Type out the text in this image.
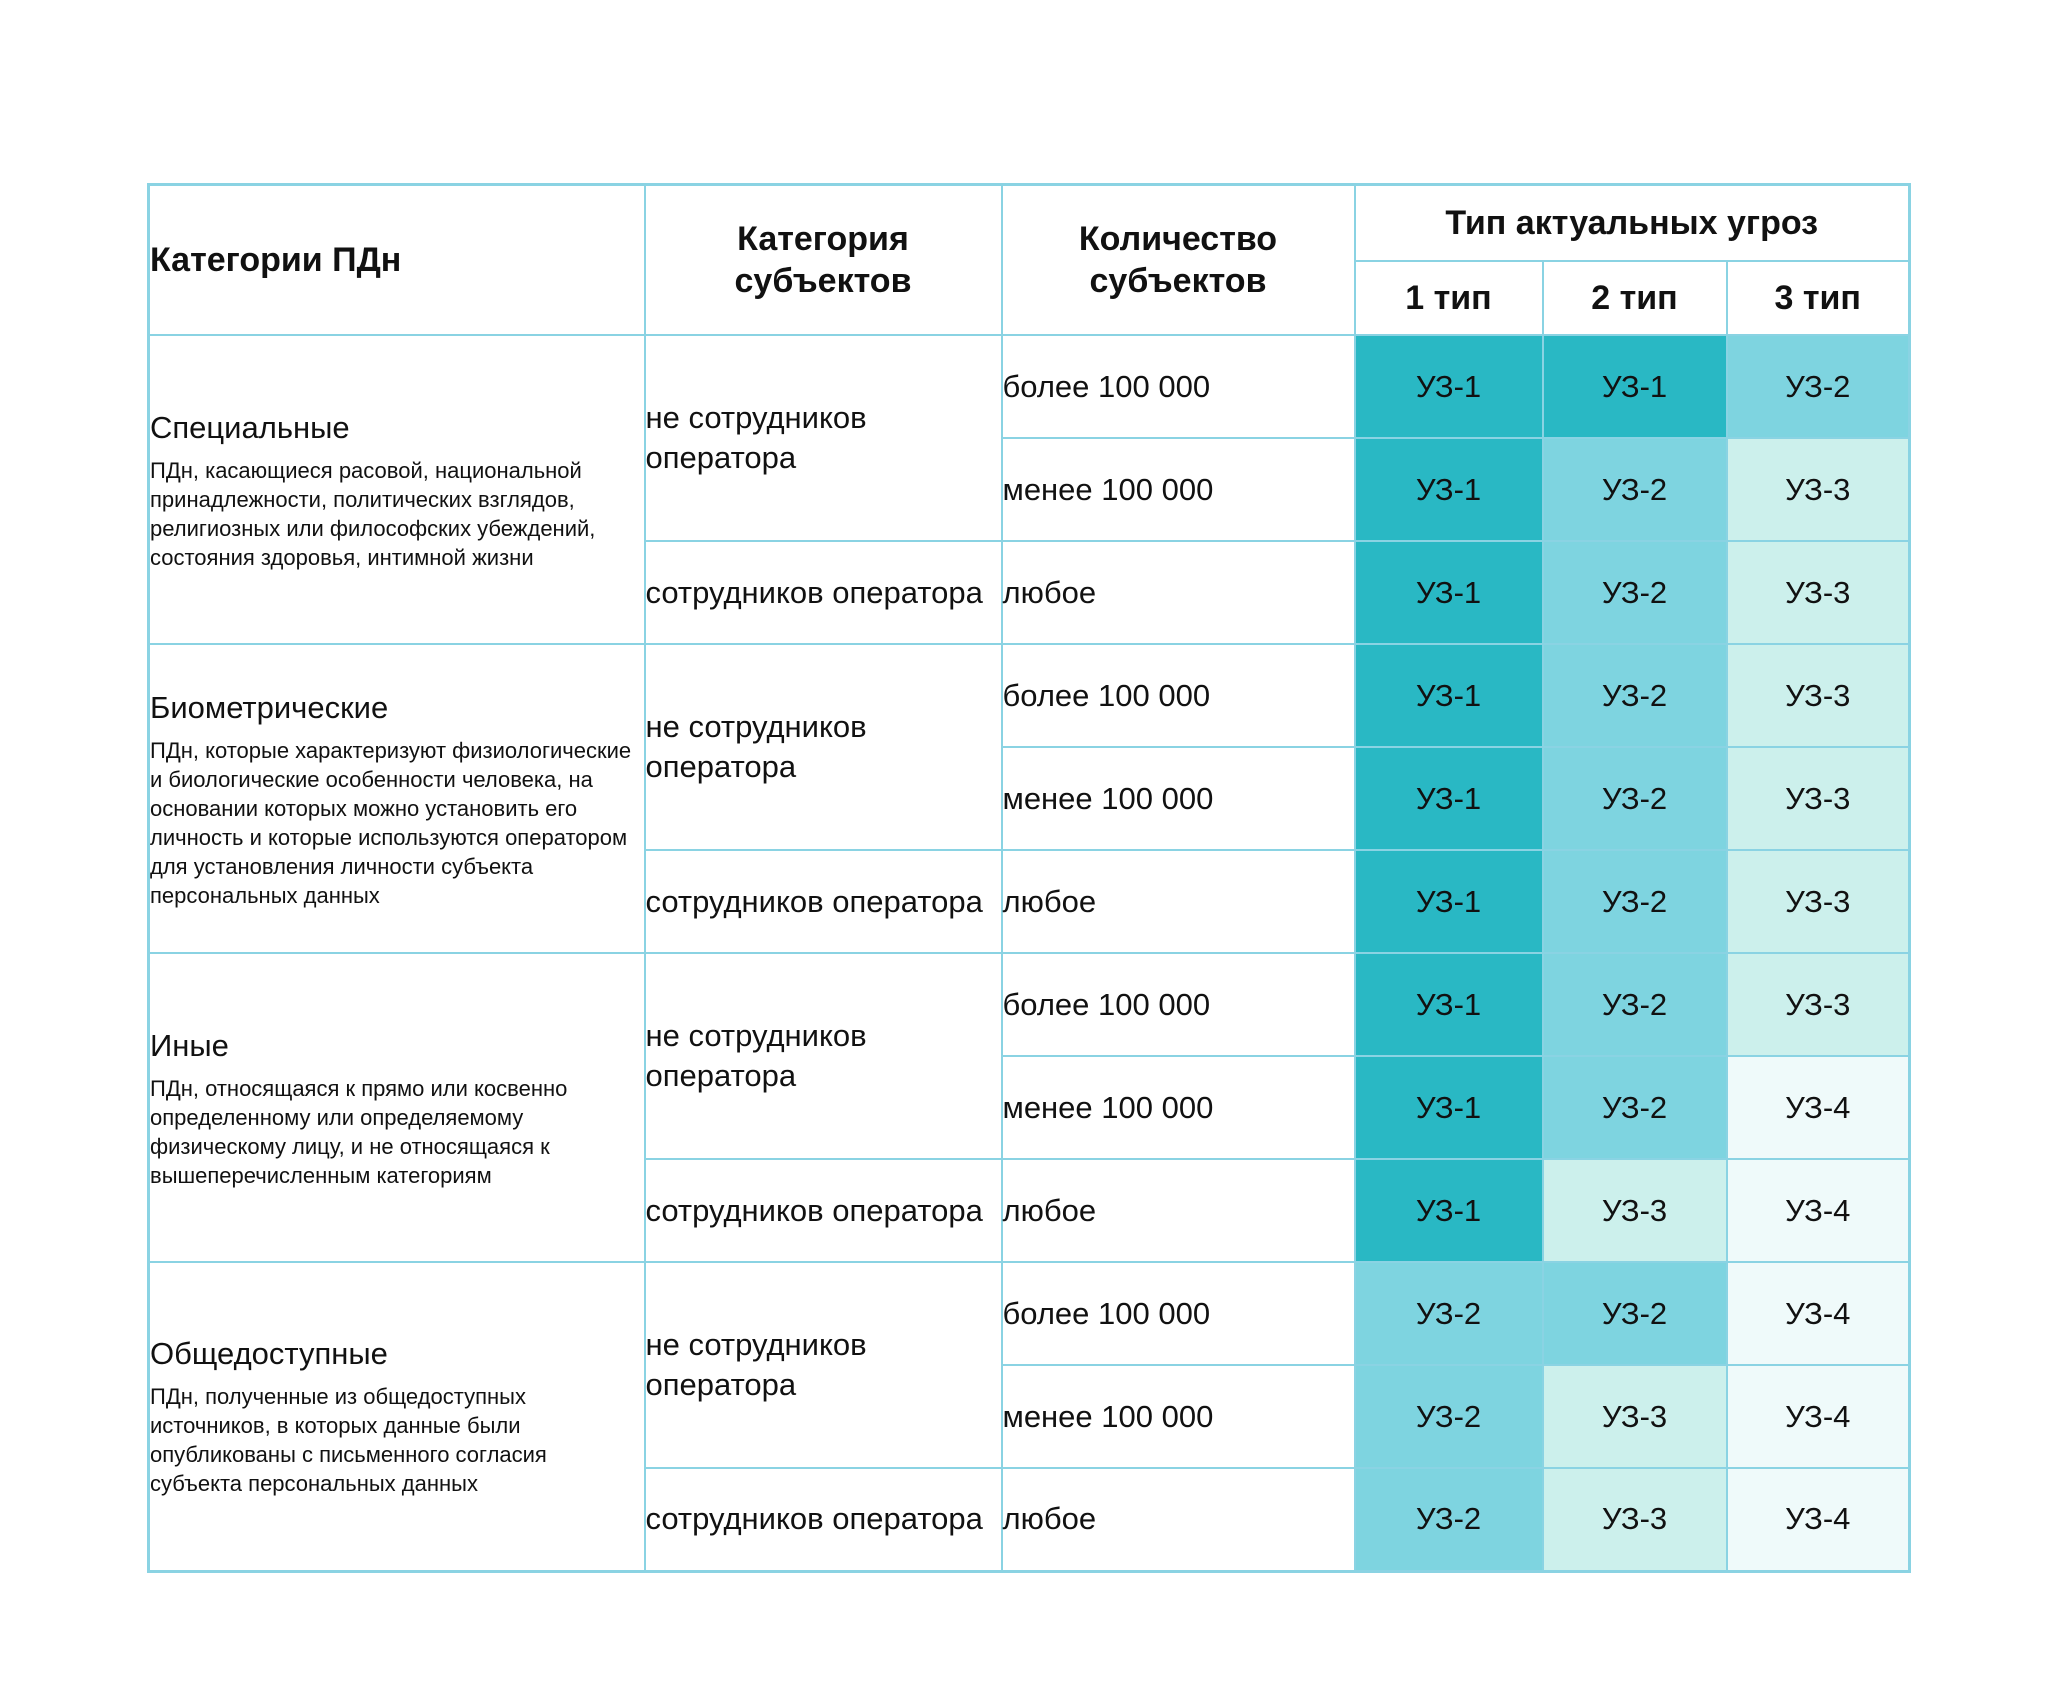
Категории ПДн	Категория субъектов	Количество субъектов	Тип актуальных угроз		
			1 тип	2 тип	3 тип

Специальные
ПДн, касающиеся расовой, национальной принадлежности, политических взглядов, религиозных или философских убеждений, состояния здоровья, интимной жизни	не сотрудников оператора	более 100 000	УЗ-1	УЗ-1	УЗ-2
		менее 100 000	УЗ-1	УЗ-2	УЗ-3
	сотрудников оператора	любое	УЗ-1	УЗ-2	УЗ-3

Биометрические
ПДн, которые характеризуют физиологические и биологические особенности человека, на основании которых можно установить его личность и которые используются оператором для установления личности субъекта персональных данных	не сотрудников оператора	более 100 000	УЗ-1	УЗ-2	УЗ-3
		менее 100 000	УЗ-1	УЗ-2	УЗ-3
	сотрудников оператора	любое	УЗ-1	УЗ-2	УЗ-3

Иные
ПДн, относящаяся к прямо или косвенно определенному или определяемому физическому лицу, и не относящаяся к вышеперечисленным категориям	не сотрудников оператора	более 100 000	УЗ-1	УЗ-2	УЗ-3
		менее 100 000	УЗ-1	УЗ-2	УЗ-4
	сотрудников оператора	любое	УЗ-1	УЗ-3	УЗ-4

Общедоступные
ПДн, полученные из общедоступных источников, в которых данные были опубликованы с письменного согласия субъекта персональных данных	не сотрудников оператора	более 100 000	УЗ-2	УЗ-2	УЗ-4
		менее 100 000	УЗ-2	УЗ-3	УЗ-4
	сотрудников оператора	любое	УЗ-2	УЗ-3	УЗ-4
